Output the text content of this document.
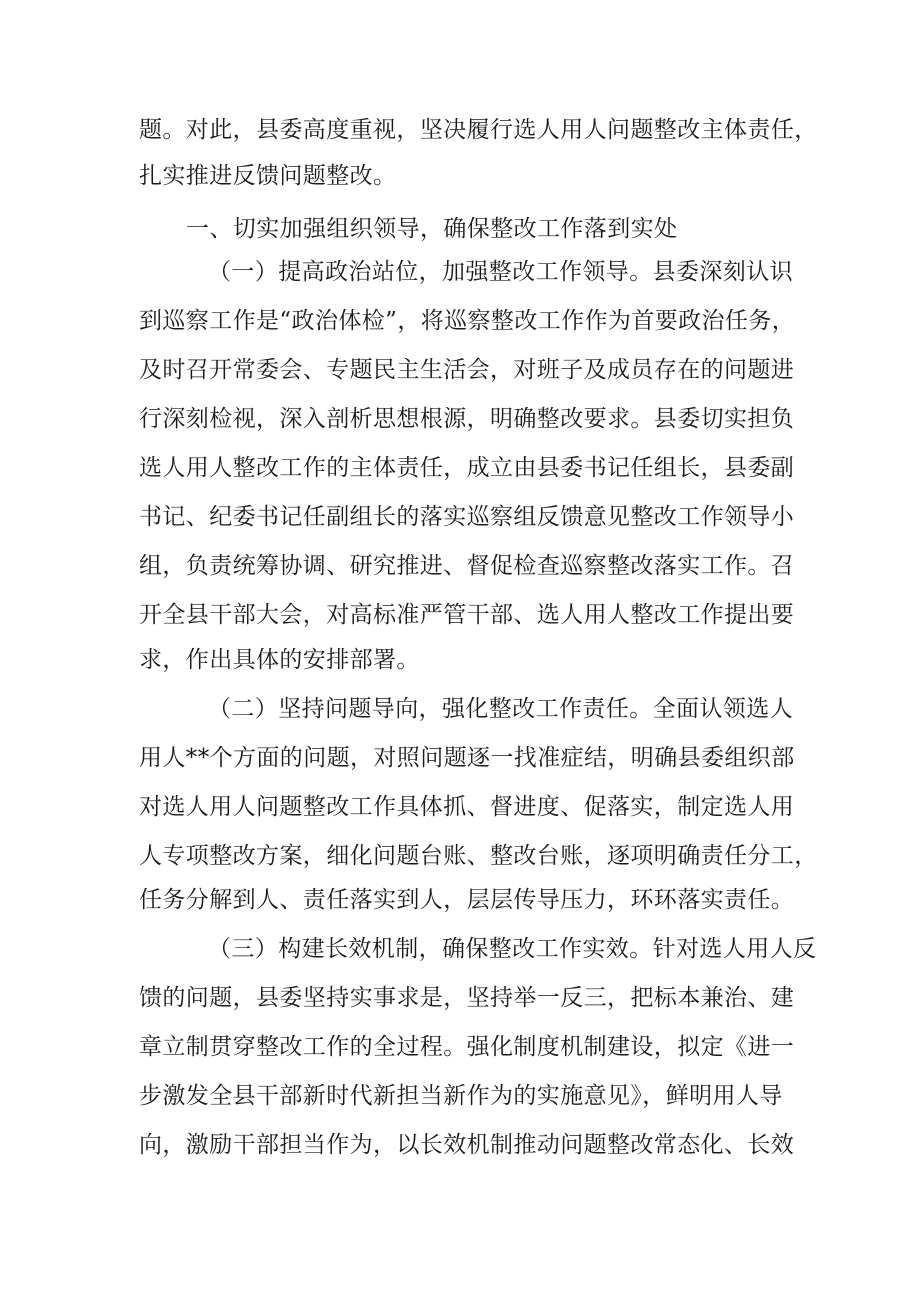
题。对此，县委高度重视，坚决履行选人用人问题整改主体责任，
扎实推进反馈问题整改。
一、切实加强组织领导，确保整改工作落到实处
（一）提高政治站位，加强整改工作领导。县委深刻认识
到巡察工作是“政治体检”，将巡察整改工作作为首要政治任务，
及时召开常委会、专题民主生活会，对班子及成员存在的问题进
行深刻检视，深入剖析思想根源，明确整改要求。县委切实担负
选人用人整改工作的主体责任，成立由县委书记任组长，县委副
书记、纪委书记任副组长的落实巡察组反馈意见整改工作领导小
组，负责统筹协调、研究推进、督促检查巡察整改落实工作。召
开全县干部大会，对高标准严管干部、选人用人整改工作提出要
求，作出具体的安排部署。
（二）坚持问题导向，强化整改工作责任。全面认领选人
用人**个方面的问题，对照问题逐一找准症结，明确县委组织部
对选人用人问题整改工作具体抓、督进度、促落实，制定选人用
人专项整改方案，细化问题台账、整改台账，逐项明确责任分工，
任务分解到人、责任落实到人，层层传导压力，环环落实责任。
（三）构建长效机制，确保整改工作实效。针对选人用人反
馈的问题，县委坚持实事求是，坚持举一反三，把标本兼治、建
章立制贯穿整改工作的全过程。强化制度机制建设，拟定《进一
步激发全县干部新时代新担当新作为的实施意见》，鲜明用人导
向，激励干部担当作为，以长效机制推动问题整改常态化、长效
